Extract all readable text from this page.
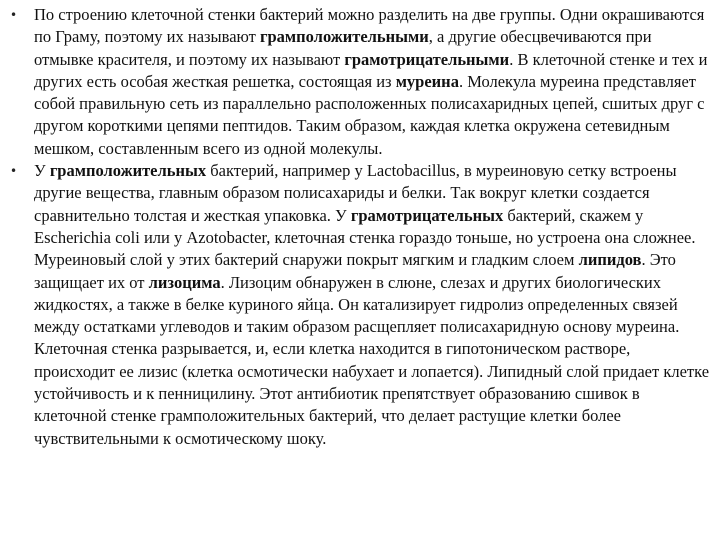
•	По строению клеточной стенки бактерий можно разделить на две группы. Одни окрашиваются по Граму, поэтому их называют грамположительными, а другие обесцвечиваются при отмывке красителя, и поэтому их называют грамотрицательными. В клеточной стенке и тех и других есть особая жесткая решетка, состоящая из муреина. Молекула муреина представляет собой правильную сеть из параллельно расположенных полисахаридных цепей, сшитых друг с другом короткими цепями пептидов. Таким образом, каждая клетка окружена сетевидным мешком, составленным всего из одной молекулы.
•	У грамположительных бактерий, например у Lactobacillus, в муреиновую сетку встроены другие вещества, главным образом полисахариды и белки. Так вокруг клетки создается сравнительно толстая и жесткая упаковка. У грамотрицательных бактерий, скажем у Escherichia coli или у Azotobacter, клеточная стенка гораздо тоньше, но устроена она сложнее. Муреиновый слой у этих бактерий снаружи покрыт мягким и гладким слоем липидов. Это защищает их от лизоцима. Лизоцим обнаружен в слюне, слезах и других биологических жидкостях, а также в белке куриного яйца. Он катализирует гидролиз определенных связей между остатками углеводов и таким образом расщепляет полисахаридную основу муреина. Клеточная стенка разрывается, и, если клетка находится в гипотоническом растворе, происходит ее лизис (клетка осмотически набухает и лопается). Липидный слой придает клетке устойчивость и к пенницилину. Этот антибиотик препятствует образованию сшивок в клеточной стенке грамположительных бактерий, что делает растущие клетки более чувствительными к осмотическому шоку.
